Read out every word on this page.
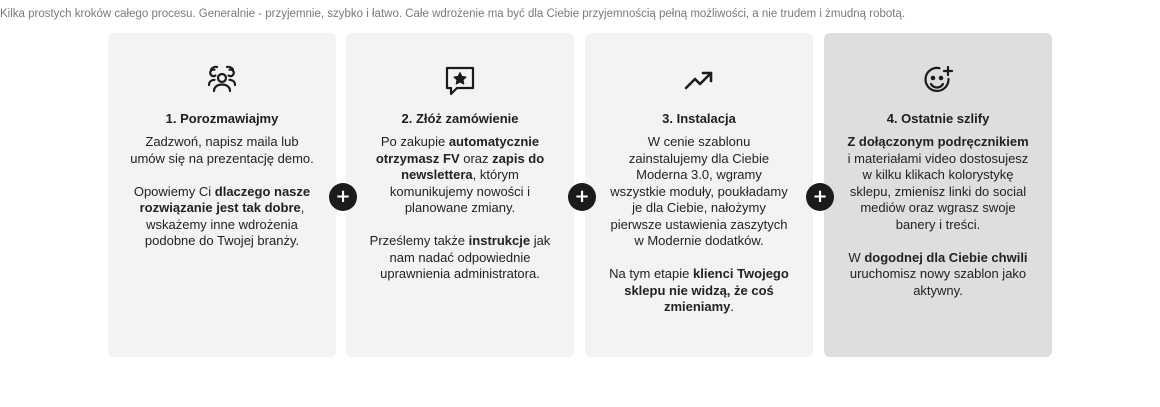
Kilka prostych kroków całego procesu. Generalnie - przyjemnie, szybko i łatwo. Całe wdrożenie ma być dla Ciebie przyjemnością pełną możliwości, a nie trudem i żmudną robotą.
1. Porozmawiajmy

Zadzwoń, napisz maila lub umów się na prezentację demo.

Opowiemy Ci dlaczego nasze rozwiązanie jest tak dobre, wskażemy inne wdrożenia podobne do Twojej branży.

2. Złóż zamówienie

Po zakupie automatycznie otrzymasz FV oraz zapis do newslettera, którym komunikujemy nowości i planowane zmiany.

Prześlemy także instrukcje jak nam nadać odpowiednie uprawnienia administratora.

3. Instalacja

W cenie szablonu zainstalujemy dla Ciebie Moderna 3.0, wgramy wszystkie moduły, poukładamy je dla Ciebie, nałożymy pierwsze ustawienia zaszytych w Modernie dodatków.

Na tym etapie klienci Twojego sklepu nie widzą, że coś zmieniamy.

4. Ostatnie szlify

Z dołączonym podręcznikiem i materiałami video dostosujesz w kilku klikach kolorystykę sklepu, zmienisz linki do social mediów oraz wgrasz swoje banery i treści.

W dogodnej dla Ciebie chwili uruchomisz nowy szablon jako aktywny.

+	+	+
